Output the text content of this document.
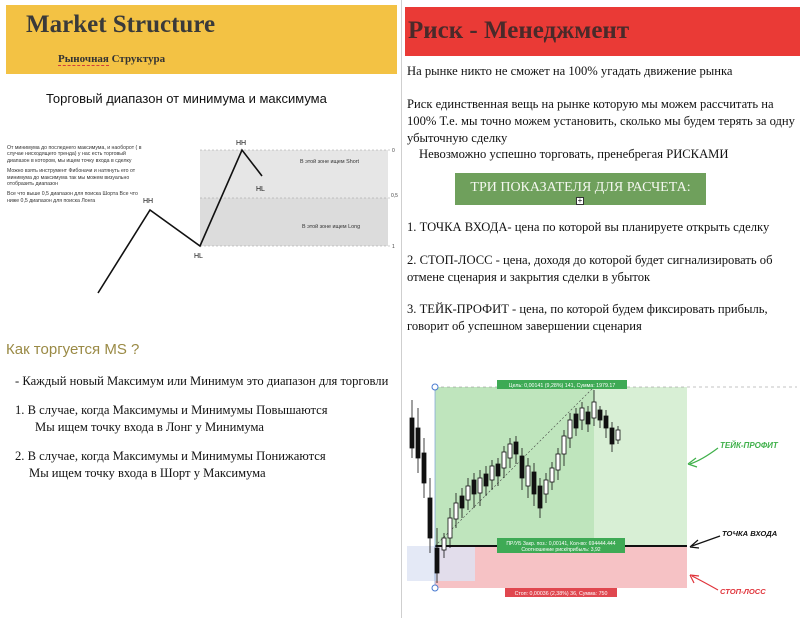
Market Structure
Рыночная Структура
Торговый диапазон от минимума и максимума

От минимума до последнего максимума, и наоборот ( в случае нисходящего тренда) у нас есть торговый диапазон в котором, мы ищем точку входа в сделку

Можно взять инструмент Фибоначи и натянуть его от минимума до максимума так мы можем визуально отобразить диапазон

Все что выше 0,5 диапазон для поиска Шорта Все что ниже 0,5 диапазон для поиска Лонга	HH
HL
HH
HL
В этой зоне ищем Short
В этой зоне ищем Long
0
0,5
1
Как торгуется MS ?
- Каждый новый Максимум или Минимум это диапазон для торговли
1. В случае, когда Максимумы и Минимумы Повышаются
Мы ищем точку входа в Лонг у Минимума
2. В случае, когда Максимумы и Минимумы Понижаются
Мы ищем точку входа в Шорт у Максимума
Риск - Менеджмент
На рынке никто не сможет на 100% угадать движение рынка
Риск единственная вещь на рынке которую мы можем рассчитать на 100% Т.е. мы точно можем установить, сколько мы будем терять за одну убыточную сделку
Невозможно успешно торговать, пренебрегая РИСКАМИ
ТРИ ПОКАЗАТЕЛЯ ДЛЯ РАСЧЕТА:
+
1. ТОЧКА ВХОДА- цена по которой вы планируете открыть сделку
2. СТОП-ЛОСС - цена, доходя до которой будет сигнализировать об отмене сценария и закрытия сделки в убыток
3. ТЕЙК-ПРОФИТ - цена, по которой будем фиксировать прибыль, говорит об успешном завершении сценария
Цель: 0,00141 (9,28%) 141, Сумма: 1979.17
ПР/УБ Закр. поз.: 0,00141, Кол-во: 694444.444
Соотношение риск/прибыль: 3,92
Стоп: 0,00036 (2,38%) 36, Сумма: 750
ТЕЙК-ПРОФИТ
ТОЧКА ВХОДА
СТОП-ЛОСС
